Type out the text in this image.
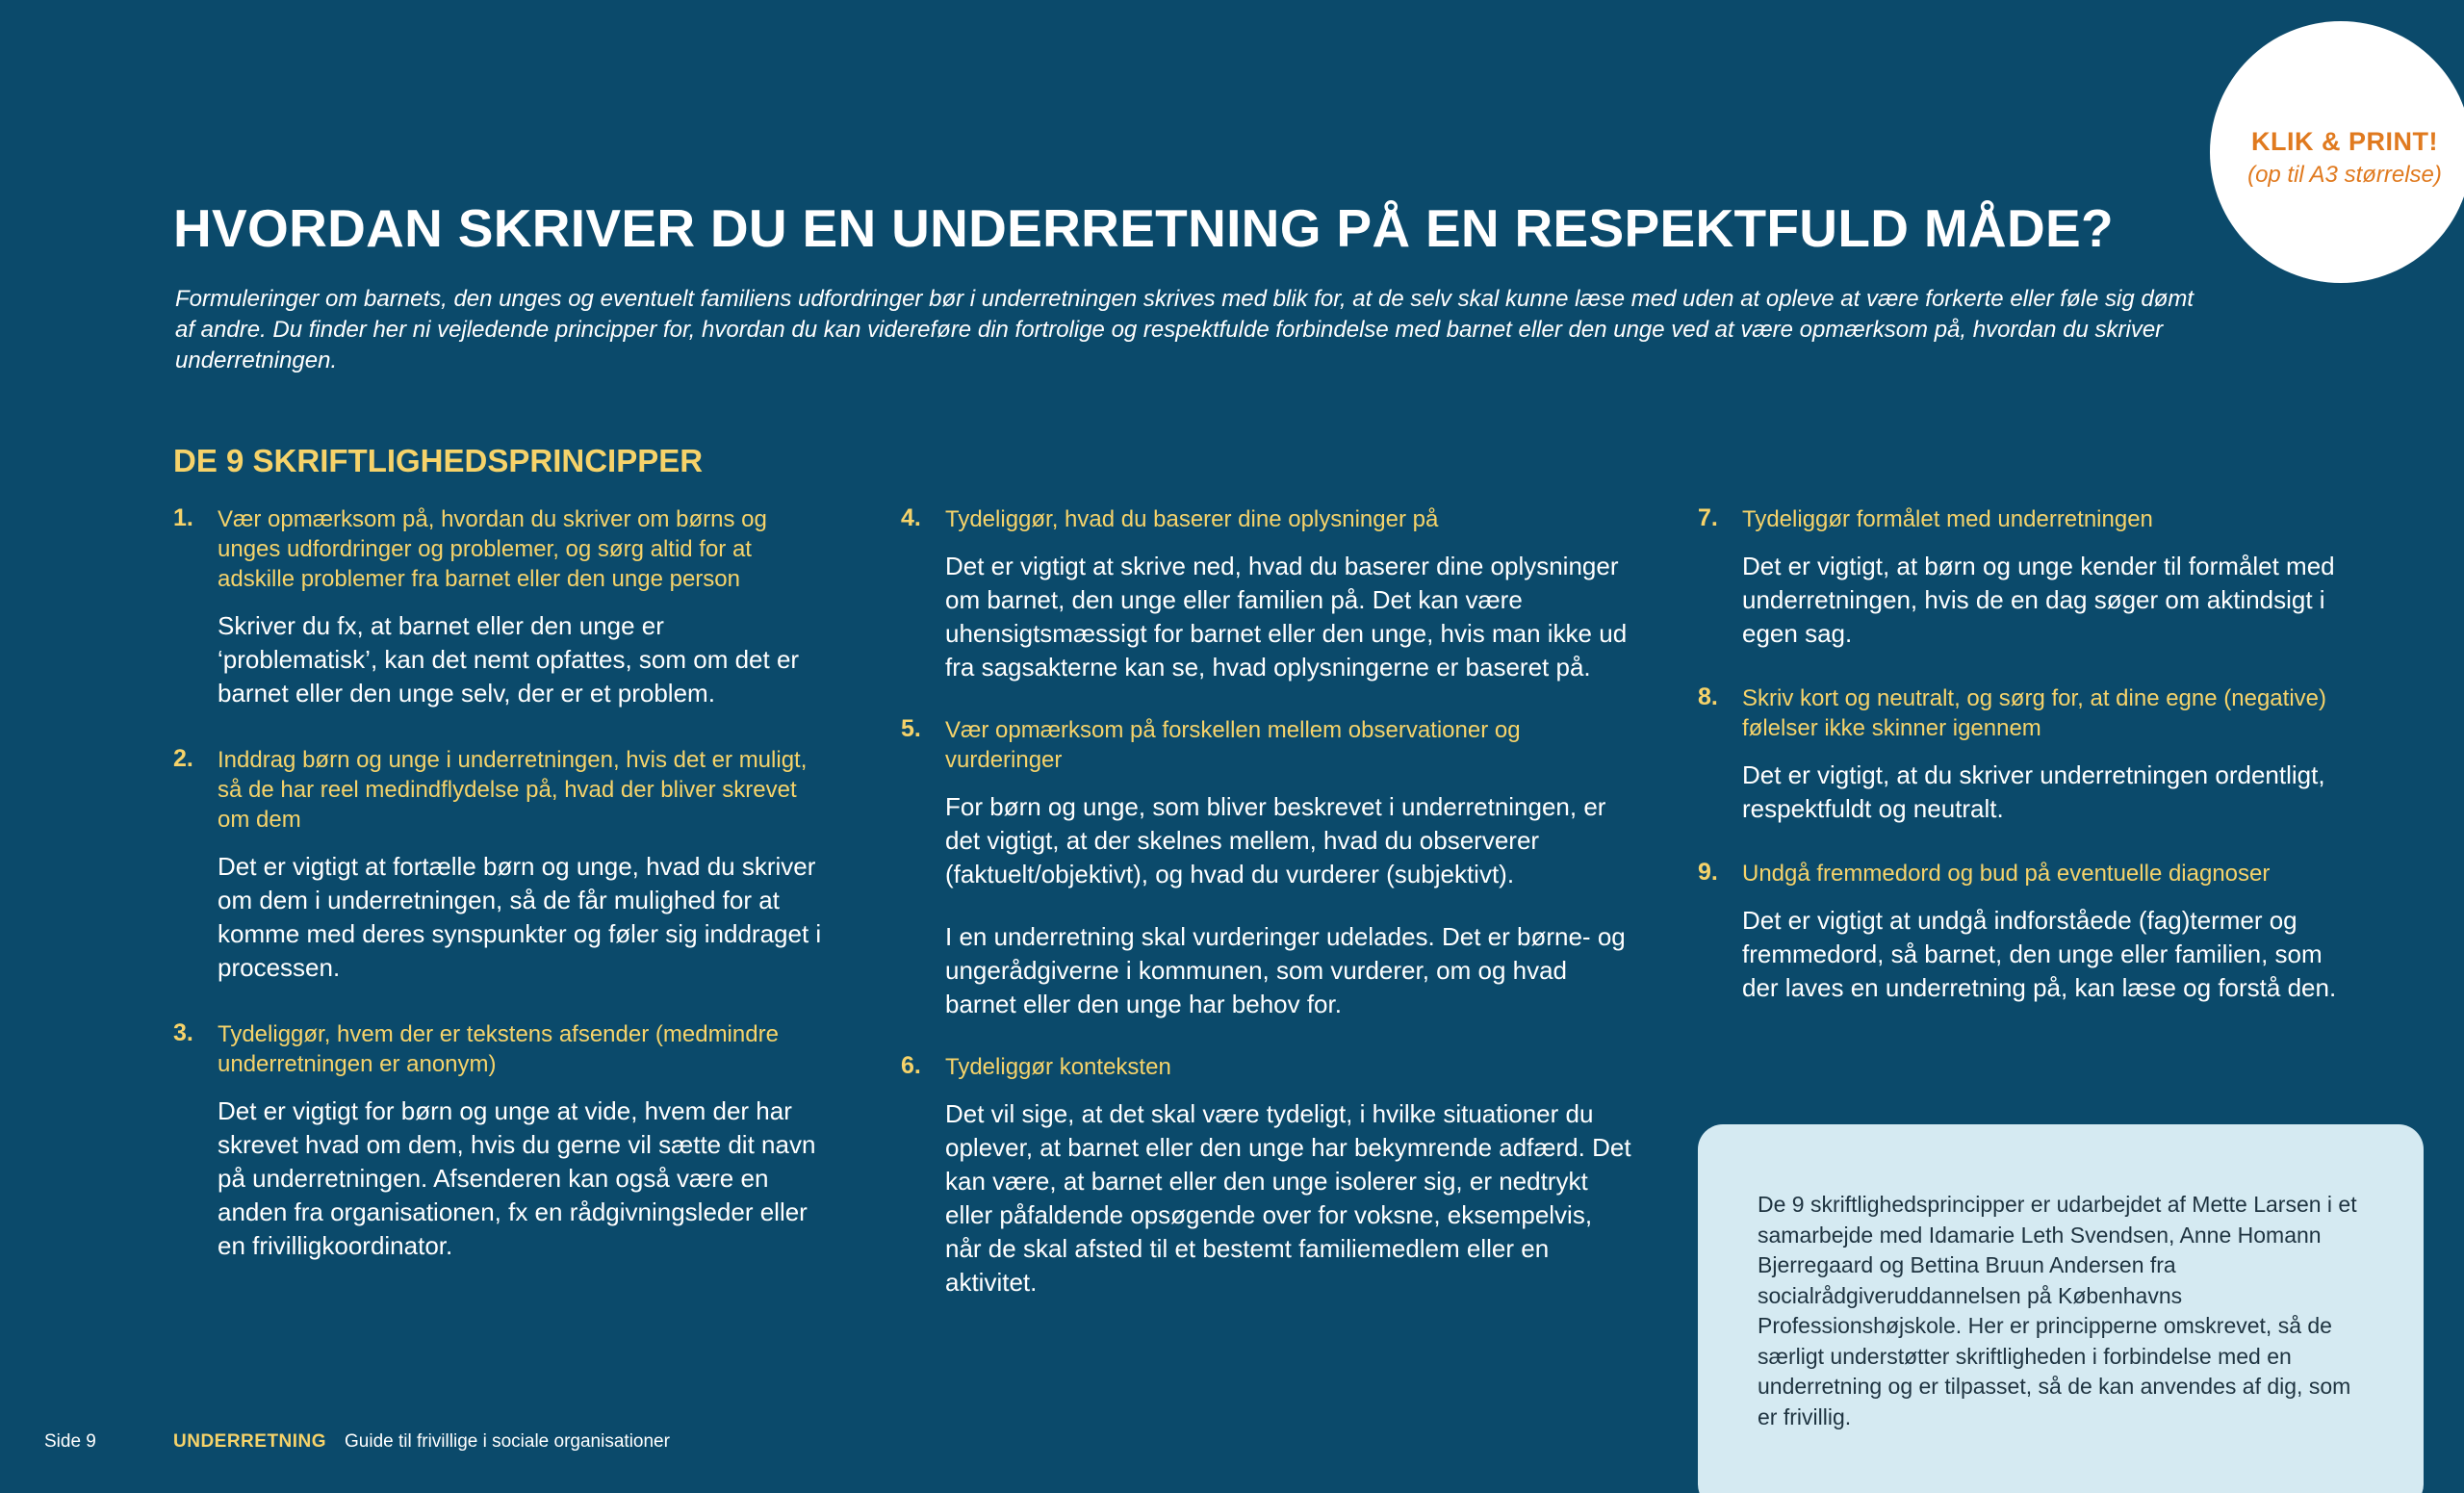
KLIK & PRINT!
(op til A3 størrelse)
HVORDAN SKRIVER DU EN UNDERRETNING PÅ EN RESPEKTFULD MÅDE?

Formuleringer om barnets, den unges og eventuelt familiens udfordringer bør i underretningen skrives med blik for, at de selv skal kunne læse med uden at opleve at være forkerte eller føle sig dømt af andre. Du finder her ni vejledende principper for, hvordan du kan videreføre din fortrolige og respektfulde forbindelse med barnet eller den unge ved at være opmærksom på, hvordan du skriver underretningen.

DE 9 SKRIFTLIGHEDSPRINCIPPER
1. Vær opmærksom på, hvordan du skriver om børns og unges udfordringer og problemer, og sørg altid for at adskille problemer fra barnet eller den unge person

Skriver du fx, at barnet eller den unge er ‘problematisk’, kan det nemt opfattes, som om det er barnet eller den unge selv, der er et problem.

2. Inddrag børn og unge i underretningen, hvis det er muligt, så de har reel medindflydelse på, hvad der bliver skrevet om dem

Det er vigtigt at fortælle børn og unge, hvad du skriver om dem i underretningen, så de får mulighed for at komme med deres synspunkter og føler sig inddraget i processen.

3. Tydeliggør, hvem der er tekstens afsender (medmindre underretningen er anonym)

Det er vigtigt for børn og unge at vide, hvem der har skrevet hvad om dem, hvis du gerne vil sætte dit navn på underretningen. Afsenderen kan også være en anden fra organisationen, fx en rådgivningsleder eller en frivilligkoordinator.

4. Tydeliggør, hvad du baserer dine oplysninger på

Det er vigtigt at skrive ned, hvad du baserer dine oplysninger om barnet, den unge eller familien på. Det kan være uhensigtsmæssigt for barnet eller den unge, hvis man ikke ud fra sagsakterne kan se, hvad oplysningerne er baseret på.

5. Vær opmærksom på forskellen mellem observationer og vurderinger

For børn og unge, som bliver beskrevet i underretningen, er det vigtigt, at der skelnes mellem, hvad du observerer (faktuelt/objektivt), og hvad du vurderer (subjektivt).

I en underretning skal vurderinger udelades. Det er børne- og ungerådgiverne i kommunen, som vurderer, om og hvad barnet eller den unge har behov for.

6. Tydeliggør konteksten

Det vil sige, at det skal være tydeligt, i hvilke situationer du oplever, at barnet eller den unge har bekymrende adfærd. Det kan være, at barnet eller den unge isolerer sig, er nedtrykt eller påfaldende opsøgende over for voksne, eksempelvis, når de skal afsted til et bestemt familiemedlem eller en aktivitet.

7. Tydeliggør formålet med underretningen

Det er vigtigt, at børn og unge kender til formålet med underretningen, hvis de en dag søger om aktindsigt i egen sag.

8. Skriv kort og neutralt, og sørg for, at dine egne (negative) følelser ikke skinner igennem

Det er vigtigt, at du skriver underretningen ordentligt, respektfuldt og neutralt.

9. Undgå fremmedord og bud på eventuelle diagnoser

Det er vigtigt at undgå indforståede (fag)termer og fremmedord, så barnet, den unge eller familien, som der laves en underretning på, kan læse og forstå den.

De 9 skriftlighedsprincipper er udarbejdet af Mette Larsen i et samarbejde med Idamarie Leth Svendsen, Anne Homann Bjerregaard og Bettina Bruun Andersen fra socialrådgiveruddannelsen på Københavns Professionshøjskole. Her er principperne omskrevet, så de særligt understøtter skriftligheden i forbindelse med en underretning og er tilpasset, så de kan anvendes af dig, som er frivillig.

Side 9	UNDERRETNING Guide til frivillige i sociale organisationer
